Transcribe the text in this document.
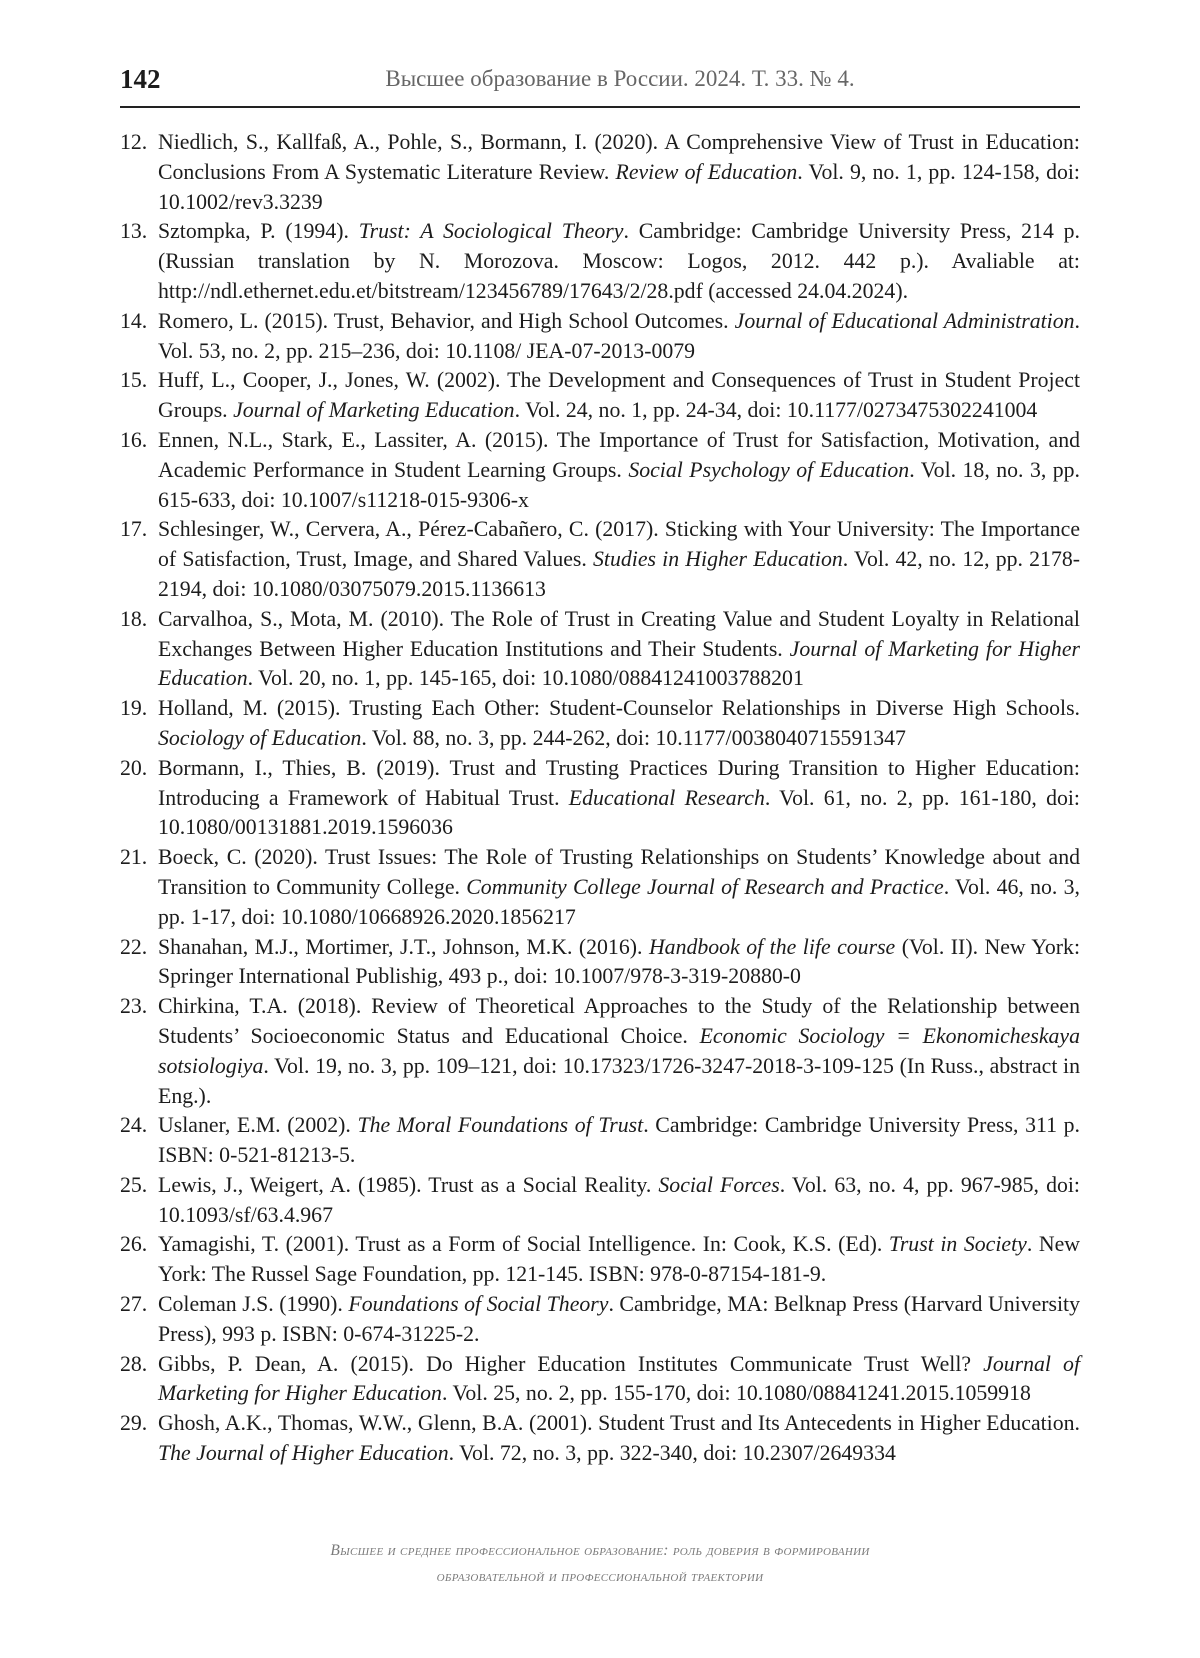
142	Высшее образование в России. 2024. Т. 33. № 4.
12. Niedlich, S., Kallfaß, A., Pohle, S., Bormann, I. (2020). A Comprehensive View of Trust in Education: Conclusions From A Systematic Literature Review. Review of Education. Vol. 9, no. 1, pp. 124-158, doi: 10.1002/rev3.3239
13. Sztompka, P. (1994). Trust: A Sociological Theory. Cambridge: Cambridge University Press, 214 p. (Russian translation by N. Morozova. Moscow: Logos, 2012. 442 p.). Avaliable at: http://ndl.ethernet.edu.et/bitstream/123456789/17643/2/28.pdf (accessed 24.04.2024).
14. Romero, L. (2015). Trust, Behavior, and High School Outcomes. Journal of Educational Administration. Vol. 53, no. 2, pp. 215–236, doi: 10.1108/ JEA-07-2013-0079
15. Huff, L., Cooper, J., Jones, W. (2002). The Development and Consequences of Trust in Student Project Groups. Journal of Marketing Education. Vol. 24, no. 1, pp. 24-34, doi: 10.1177/0273475302241004
16. Ennen, N.L., Stark, E., Lassiter, A. (2015). The Importance of Trust for Satisfaction, Motivation, and Academic Performance in Student Learning Groups. Social Psychology of Education. Vol. 18, no. 3, pp. 615-633, doi: 10.1007/s11218-015-9306-x
17. Schlesinger, W., Cervera, A., Pérez-Cabañero, C. (2017). Sticking with Your University: The Importance of Satisfaction, Trust, Image, and Shared Values. Studies in Higher Education. Vol. 42, no. 12, pp. 2178-2194, doi: 10.1080/03075079.2015.1136613
18. Carvalhoa, S., Mota, M. (2010). The Role of Trust in Creating Value and Student Loyalty in Relational Exchanges Between Higher Education Institutions and Their Students. Journal of Marketing for Higher Education. Vol. 20, no. 1, pp. 145-165, doi: 10.1080/08841241003788201
19. Holland, M. (2015). Trusting Each Other: Student-Counselor Relationships in Diverse High Schools. Sociology of Education. Vol. 88, no. 3, pp. 244-262, doi: 10.1177/0038040715591347
20. Bormann, I., Thies, B. (2019). Trust and Trusting Practices During Transition to Higher Education: Introducing a Framework of Habitual Trust. Educational Research. Vol. 61, no. 2, pp. 161-180, doi: 10.1080/00131881.2019.1596036
21. Boeck, C. (2020). Trust Issues: The Role of Trusting Relationships on Students’ Knowledge about and Transition to Community College. Community College Journal of Research and Practice. Vol. 46, no. 3, pp. 1-17, doi: 10.1080/10668926.2020.1856217
22. Shanahan, M.J., Mortimer, J.T., Johnson, M.K. (2016). Handbook of the life course (Vol. II). New York: Springer International Publishig, 493 p., doi: 10.1007/978-3-319-20880-0
23. Chirkina, T.A. (2018). Review of Theoretical Approaches to the Study of the Relationship between Students’ Socioeconomic Status and Educational Choice. Economic Sociology = Ekonomicheskaya sotsiologiya. Vol. 19, no. 3, pp. 109–121, doi: 10.17323/1726-3247-2018-3-109-125 (In Russ., abstract in Eng.).
24. Uslaner, E.M. (2002). The Moral Foundations of Trust. Cambridge: Cambridge University Press, 311 p. ISBN: 0-521-81213-5.
25. Lewis, J., Weigert, A. (1985). Trust as a Social Reality. Social Forces. Vol. 63, no. 4, pp. 967-985, doi: 10.1093/sf/63.4.967
26. Yamagishi, T. (2001). Trust as a Form of Social Intelligence. In: Cook, K.S. (Ed). Trust in Society. New York: The Russel Sage Foundation, pp. 121-145. ISBN: 978-0-87154-181-9.
27. Coleman J.S. (1990). Foundations of Social Theory. Cambridge, MA: Belknap Press (Harvard University Press), 993 p. ISBN: 0-674-31225-2.
28. Gibbs, P. Dean, A. (2015). Do Higher Education Institutes Communicate Trust Well? Journal of Marketing for Higher Education. Vol. 25, no. 2, pp. 155-170, doi: 10.1080/08841241.2015.1059918
29. Ghosh, A.K., Thomas, W.W., Glenn, B.A. (2001). Student Trust and Its Antecedents in Higher Education. The Journal of Higher Education. Vol. 72, no. 3, pp. 322-340, doi: 10.2307/2649334
Высшее и среднее профессиональное образование: роль доверия в формировании
образовательной и профессиональной траектории
